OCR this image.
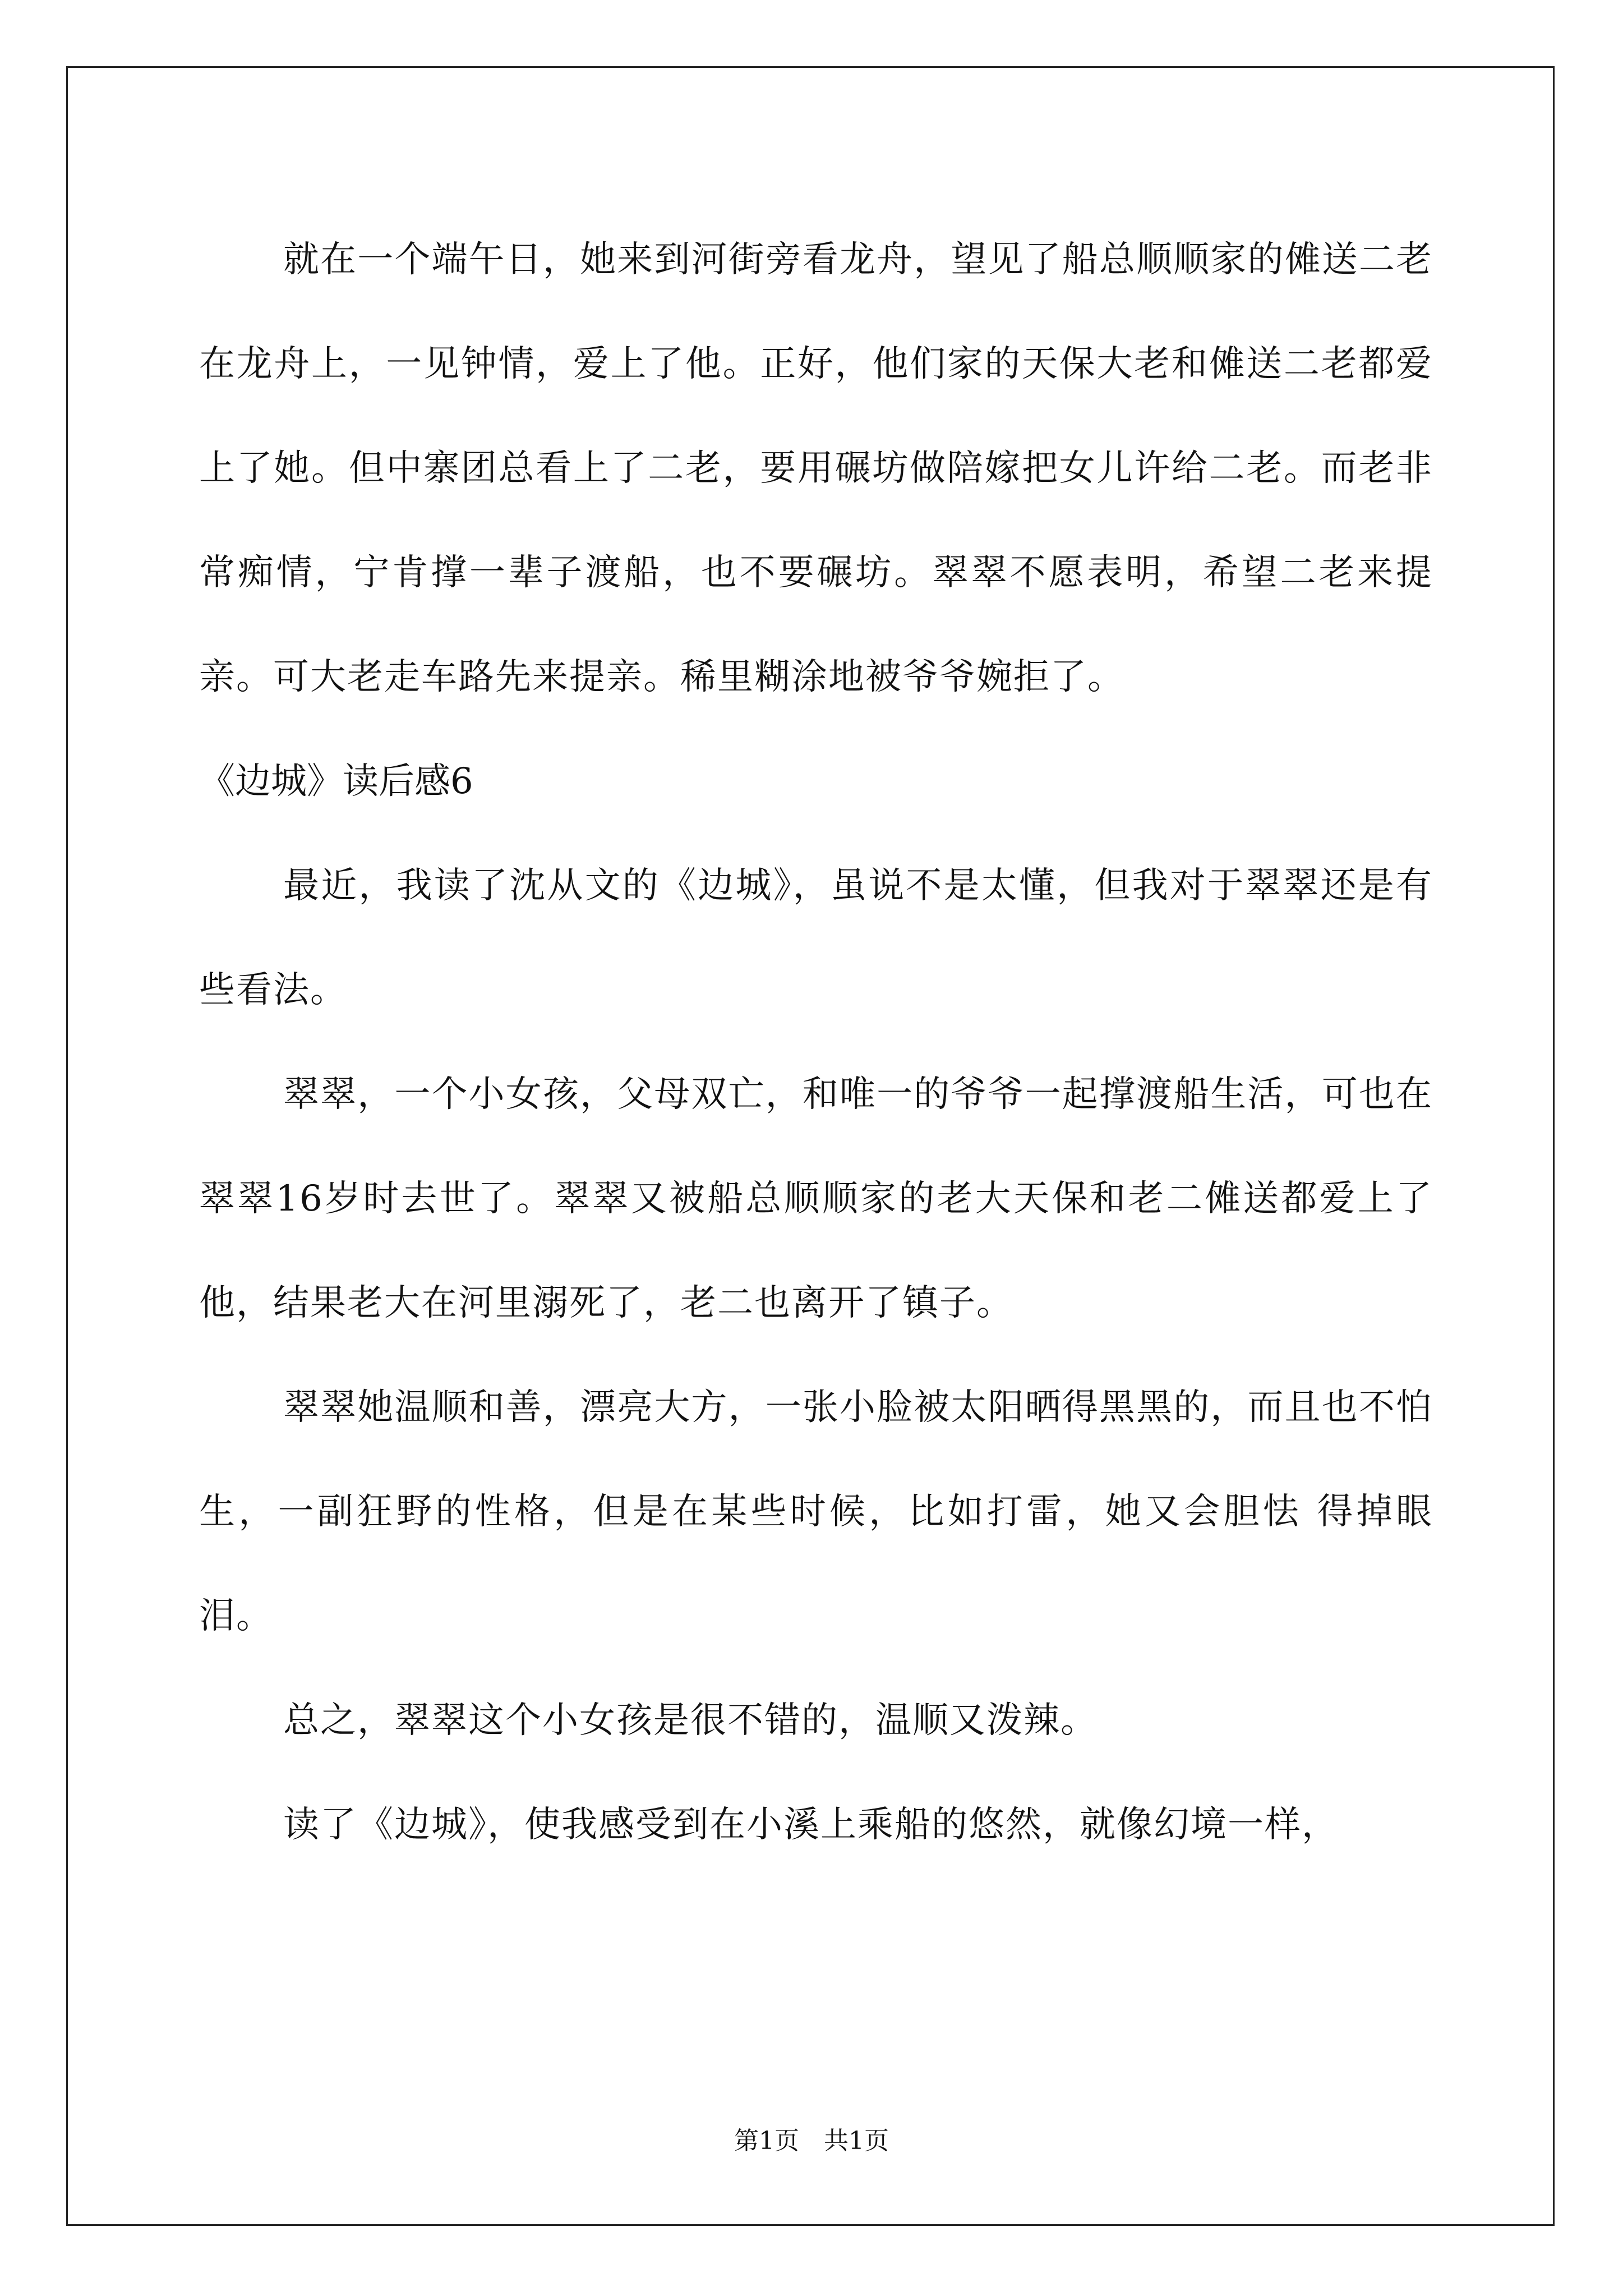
就在一个端午日，她来到河街旁看龙舟，望见了船总顺顺家的傩送二老在龙舟上，一见钟情，爱上了他。正好，他们家的天保大老和傩送二老都爱上了她。但中寨团总看上了二老，要用碾坊做陪嫁把女儿许给二老。而老非常痴情，宁肯撑一辈子渡船，也不要碾坊。翠翠不愿表明，希望二老来提亲。可大老走车路先来提亲。稀里糊涂地被爷爷婉拒了。

《边城》读后感6

最近，我读了沈从文的《边城》，虽说不是太懂，但我对于翠翠还是有些看法。

翠翠，一个小女孩，父母双亡，和唯一的爷爷一起撑渡船生活，可也在翠翠16岁时去世了。翠翠又被船总顺顺家的老大天保和老二傩送都爱上了他，结果老大在河里溺死了，老二也离开了镇子。

翠翠她温顺和善，漂亮大方，一张小脸被太阳晒得黑黑的，而且也不怕生，一副狂野的性格，但是在某些时候，比如打雷，她又会胆怯 得掉眼泪。

总之，翠翠这个小女孩是很不错的，温顺又泼辣。

读了《边城》，使我感受到在小溪上乘船的悠然，就像幻境一样，

第1页　共1页
